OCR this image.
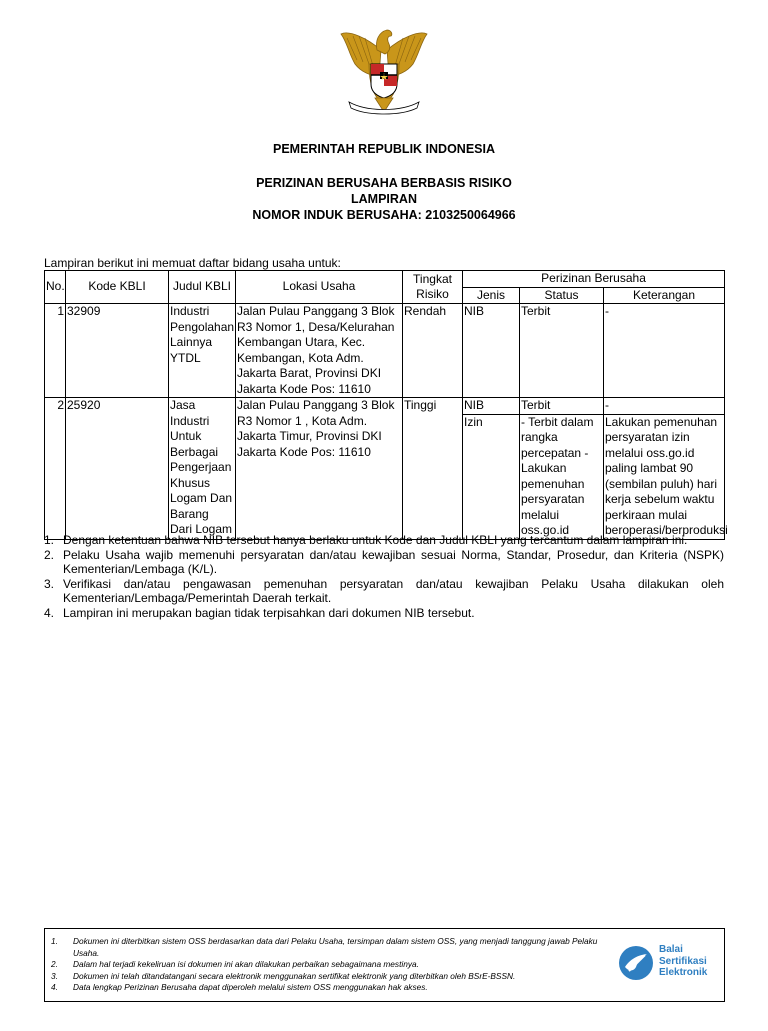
PEMERINTAH REPUBLIK INDONESIA
PERIZINAN BERUSAHA BERBASIS RISIKO
LAMPIRAN
NOMOR INDUK BERUSAHA: 2103250064966
Lampiran berikut ini memuat daftar bidang usaha untuk:
No.	Kode KBLI	Judul KBLI	Lokasi Usaha	Tingkat Risiko	Perizinan Berusaha		
					Jenis	Status	Keterangan
1	32909	Industri Pengolahan Lainnya YTDL	Jalan Pulau Panggang 3 Blok R3 Nomor 1, Desa/Kelurahan Kembangan Utara, Kec. Kembangan, Kota Adm. Jakarta Barat, Provinsi DKI Jakarta Kode Pos: 11610	Rendah	NIB	Terbit	-
2	25920	Jasa Industri Untuk Berbagai Pengerjaan Khusus Logam Dan Barang Dari Logam	Jalan Pulau Panggang 3 Blok R3 Nomor 1 , Kota Adm. Jakarta Timur, Provinsi DKI Jakarta Kode Pos: 11610	Tinggi	NIB	Terbit	-
					Izin	- Terbit dalam rangka percepatan - Lakukan pemenuhan persyaratan melalui oss.go.id	Lakukan pemenuhan persyaratan izin melalui oss.go.id paling lambat 90 (sembilan puluh) hari kerja sebelum waktu perkiraan mulai beroperasi/berproduksi
1. Dengan ketentuan bahwa NIB tersebut hanya berlaku untuk Kode dan Judul KBLI yang tercantum dalam lampiran ini.
2. Pelaku Usaha wajib memenuhi persyaratan dan/atau kewajiban sesuai Norma, Standar, Prosedur, dan Kriteria (NSPK) Kementerian/Lembaga (K/L).
3. Verifikasi dan/atau pengawasan pemenuhan persyaratan dan/atau kewajiban Pelaku Usaha dilakukan oleh Kementerian/Lembaga/Pemerintah Daerah terkait.
4. Lampiran ini merupakan bagian tidak terpisahkan dari dokumen NIB tersebut.
1. Dokumen ini diterbitkan sistem OSS berdasarkan data dari Pelaku Usaha, tersimpan dalam sistem OSS, yang menjadi tanggung jawab Pelaku Usaha.
2. Dalam hal terjadi kekeliruan isi dokumen ini akan dilakukan perbaikan sebagaimana mestinya.
3. Dokumen ini telah ditandatangani secara elektronik menggunakan sertifikat elektronik yang diterbitkan oleh BSrE-BSSN.
4. Data lengkap Perizinan Berusaha dapat diperoleh melalui sistem OSS menggunakan hak akses.
Balai
Sertifikasi
Elektronik
